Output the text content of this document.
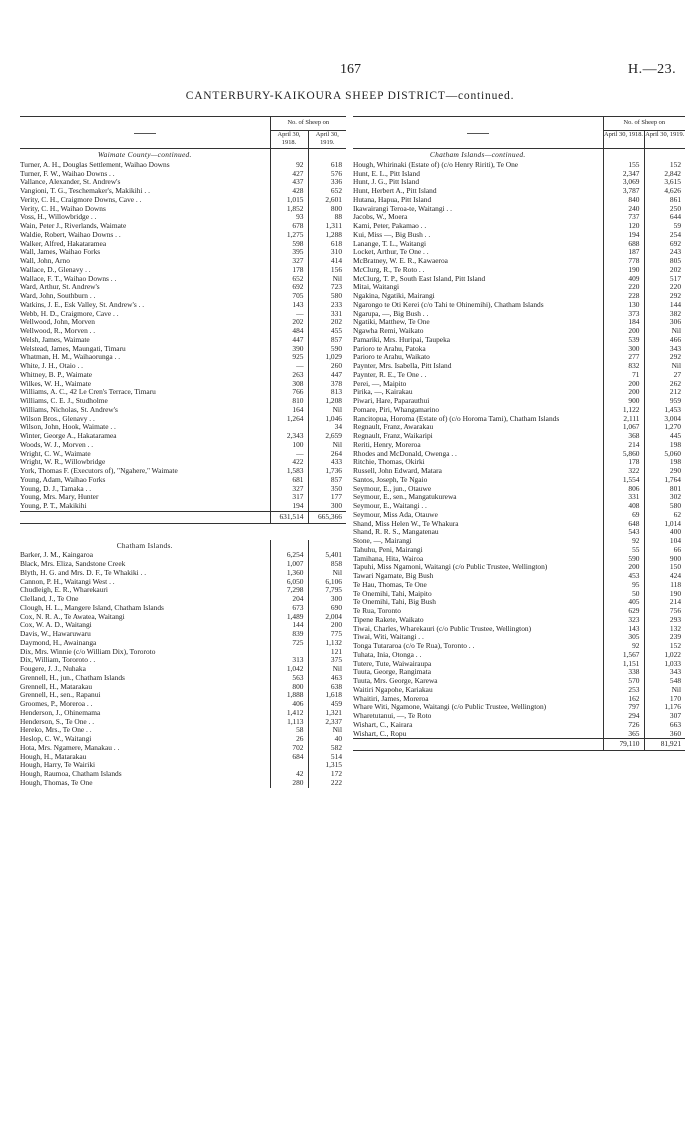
167	H.—23.
CANTERBURY-KAIKOURA SHEEP DISTRICT—continued.
	No. of Sheep on	
	April 30, 1918.	April 30, 1919.
Waimate County—continued.		
Turner, A. H., Douglas Settlement, Waihao Downs	92	618
Turner, F. W., Waihao Downs . .	427	576
Vallance, Alexander, St. Andrew's	437	336
Vangioni, T. G., Teschemaker's, Makikihi . .	428	652
Verity, C. H., Craigmore Downs, Cave . .	1,015	2,601
Verity, C. H., Waihao Downs	1,852	800
Voss, H., Willowbridge . .	93	88
Wain, Peter J., Riverlands, Waimate	678	1,311
Waldie, Robert, Waihao Downs . .	1,275	1,288
Walker, Alfred, Hakataramea	598	618
Wall, James, Waihao Forks	395	310
Wall, John, Arno	327	414
Wallace, D., Glenavy . .	178	156
Wallace, F. T., Waihao Downs . .	652	Nil
Ward, Arthur, St. Andrew's	692	723
Ward, John, Southburn . .	705	580
Watkins, J. E., Esk Valley, St. Andrew's . .	143	233
Webb, H. D., Craigmore, Cave . .	—	331
Wellwood, John, Morven	202	202
Wellwood, R., Morven . .	484	455
Welsh, James, Waimate	447	857
Welstead, James, Maungati, Timaru	390	590
Whatman, H. M., Waihaorunga . .	925	1,029
White, J. H., Otaio . .	—	260
Whitney, B. P., Waimate	263	447
Wilkes, W. H., Waimate	308	378
Williams, A. C., 42 Le Cren's Terrace, Timaru	766	813
Williams, C. E. J., Studholme	810	1,208
Williams, Nicholas, St. Andrew's	164	Nil
Wilson Bros., Glenavy . .	1,264	1,046
Wilson, John, Hook, Waimate . .		34
Winter, George A., Hakataramea	2,343	2,659
Woods, W. J., Morven . .	100	Nil
Wright, C. W., Waimate	—	264
Wright, W. R., Willowbridge	422	433
York, Thomas F. (Executors of), "Ngahere," Waimate	1,583	1,736
Young, Adam, Waihao Forks	681	857
Young, D. J., Tamaka . .	327	350
Young, Mrs. Mary, Hunter	317	177
Young, P. T., Makikihi	194	300
	631,514	665,366

Chatham Islands.		
Barker, J. M., Kaingaroa	6,254	5,401
Black, Mrs. Eliza, Sandstone Creek	1,007	858
Blyth, H. G. and Mrs. D. F., Te Whakiki . .	1,360	Nil
Cannon, P. H., Waitangi West . .	6,050	6,106
Chudleigh, E. R., Wharekauri	7,298	7,795
Clelland, J., Te One	204	300
Clough, H. L., Mangere Island, Chatham Islands	673	690
Cox, N. R. A., Te Awatea, Waitangi	1,489	2,004
Cox, W. A. D., Waitangi	144	200
Davis, W., Hawaruwaru	839	775
Daymond, H., Awainanga	725	1,132
Dix, Mrs. Winnie (c/o William Dix), Tororoto		121
Dix, William, Tororoto . .	313	375
Fougere, J. J., Nuhaka	1,042	Nil
Grennell, H., jun., Chatham Islands	563	463
Grennell, H., Matarakau	800	638
Grennell, H., sen., Rapanui	1,888	1,618
Groomes, P., Moreroa . .	406	459
Henderson, J., Ohinemama	1,412	1,321
Henderson, S., Te One . .	1,113	2,337
Hereko, Mrs., Te One . .	58	Nil
Heslop, C. W., Waitangi	26	40
Hota, Mrs. Ngamere, Manakau . .	702	582
Hough, H., Matarakau	684	514
Hough, Harry, Te Wairiki		1,315
Hough, Raumoa, Chatham Islands	42	172
Hough, Thomas, Te One	280	222
	No. of Sheep on	
	April 30, 1918.	April 30, 1919.
Chatham Islands—continued.		
Hough, Whirinaki (Estate of) (c/o Henry Ririti), Te One	155	152
Hunt, E. L., Pitt Island	2,347	2,842
Hunt, J. G., Pitt Island	3,069	3,615
Hunt, Herbert A., Pitt Island	3,787	4,626
Hutana, Hapua, Pitt Island	840	861
Ikawairangi Teroa-te, Waitangi . .	240	250
Jacobs, W., Moera	737	644
Kami, Peter, Pakamao . .	120	59
Kui, Miss —, Big Bush . .	194	254
Lanange, T. L., Waitangi	688	692
Locket, Arthur, Te One . .	187	243
McBratney, W. E. R., Kawaeroa	778	805
McClurg, R., Te Roto . .	190	202
McClurg, T. P., South East Island, Pitt Island	409	517
Mitai, Waitangi	220	220
Ngakina, Ngatiki, Mairangi	228	292
Ngarongo te Oti Kerei (c/o Tahi te Ohinemihi), Chatham Islands	130	144
Ngarupa, —, Big Bush . .	373	382
Ngatiki, Matthew, Te One	184	306
Ngawha Remi, Waikato	200	Nil
Pamariki, Mrs. Huripai, Taupeka	539	466
Parioro te Arahu, Patoka	300	343
Parioro te Arahu, Waikato	277	292
Paynter, Mrs. Isabella, Pitt Island	832	Nil
Paynter, R. E., Te One . .	71	27
Perei, —, Maipito	200	262
Pirika, —, Kairakau	200	212
Piwari, Hare, Paparauthui	900	959
Pomare, Piri, Whangamarino	1,122	1,453
Rancitopua, Horoma (Estate of) (c/o Horoma Tami), Chatham Islands	2,111	3,004
Regnault, Franz, Awarakau	1,067	1,270
Regnault, Franz, Waikaripi	368	445
Reriti, Henry, Moreroa	214	198
Rhodes and McDonald, Owenga . .	5,860	5,060
Ritchie, Thomas, Okirki	178	198
Russell, John Edward, Matara	322	290
Santos, Joseph, Te Ngaio	1,554	1,764
Seymour, E., jun., Otauwe	806	801
Seymour, E., sen., Mangatukurewa	331	302
Seymour, E., Waitangi . .	408	580
Seymour, Miss Ada, Otauwe	69	62
Shand, Miss Helen W., Te Whakura	648	1,014
Shand, R. R. S., Mangatenau	543	400
Stone, —, Mairangi	92	104
Tahuhu, Peni, Mairangi	55	66
Tamihana, Hita, Wairoa	590	900
Tapuhi, Miss Ngamoni, Waitangi (c/o Public Trustee, Wellington)	200	150
Tawari Ngamate, Big Bush	453	424
Te Hau, Thomas, Te One	95	118
Te Onemihi, Tahi, Maipito	50	190
Te Onemihi, Tahi, Big Bush	405	214
Te Rua, Toronto	629	756
Tipene Rakete, Waikato	323	293
Tiwai, Charles, Wharekauri (c/o Public Trustee, Wellington)	143	132
Tiwai, Witi, Waitangi . .	305	239
Tonga Tutararoa (c/o Te Rua), Toronto . .	92	152
Tuhata, Inia, Otonga . .	1,567	1,022
Tutere, Tute, Waiwairaupa	1,151	1,033
Tuuta, George, Rangimata	338	343
Tuuta, Mrs. George, Karewa	570	548
Waitiri Ngapohe, Kariakau	253	Nil
Whaitiri, James, Moreroa	162	170
Whare Witi, Ngamone, Waitangi (c/o Public Trustee, Wellington)	797	1,176
Wharetutanui, —, Te Roto	294	307
Wishart, C., Kairara	726	663
Wishart, C., Ropu	365	360
	79,110	81,921
